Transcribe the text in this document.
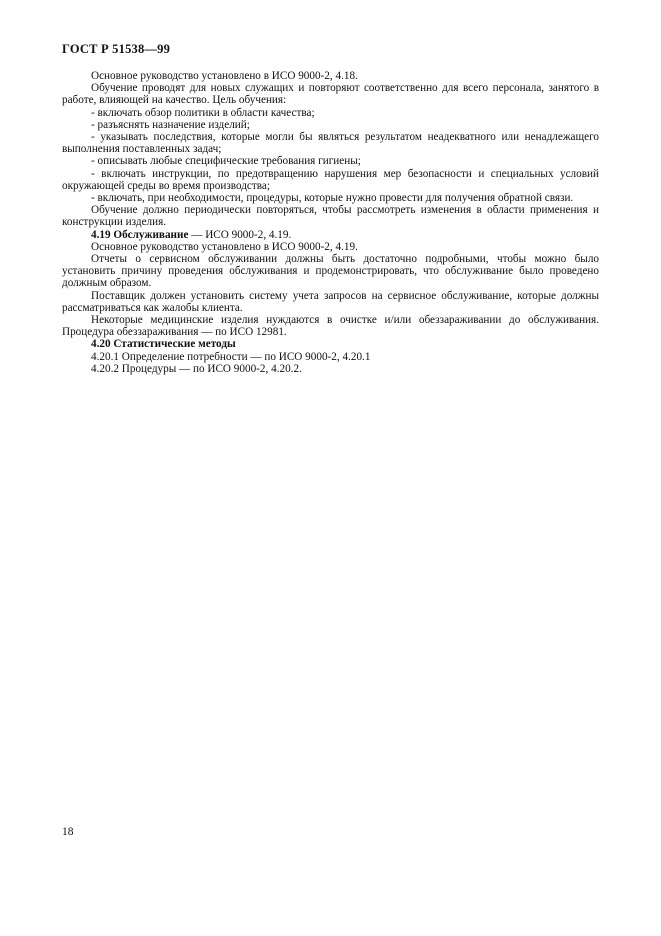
ГОСТ Р 51538—99

Основное руководство установлено в ИСО 9000-2, 4.18.

Обучение проводят для новых служащих и повторяют соответственно для всего персонала, занятого в работе, влияющей на качество. Цель обучения:

- включать обзор политики в области качества;

- разъяснять назначение изделий;

- указывать последствия, которые могли бы являться результатом неадекватного или ненадлежащего выполнения поставленных задач;

- описывать любые специфические требования гигиены;

- включать инструкции, по предотвращению нарушения мер безопасности и специальных условий окружающей среды во время производства;

- включать, при необходимости, процедуры, которые нужно провести для получения обратной связи.

Обучение должно периодически повторяться, чтобы рассмотреть изменения в области применения и конструкции изделия.

4.19 Обслуживание — ИСО 9000-2, 4.19.

Основное руководство установлено в ИСО 9000-2, 4.19.

Отчеты о сервисном обслуживании должны быть достаточно подробными, чтобы можно было установить причину проведения обслуживания и продемонстрировать, что обслуживание было проведено должным образом.

Поставщик должен установить систему учета запросов на сервисное обслуживание, которые должны рассматриваться как жалобы клиента.

Некоторые медицинские изделия нуждаются в очистке и/или обеззараживании до обслуживания. Процедура обеззараживания — по ИСО 12981.

4.20 Статистические методы

4.20.1 Определение потребности — по ИСО 9000-2, 4.20.1

4.20.2 Процедуры — по ИСО 9000-2, 4.20.2.

18
